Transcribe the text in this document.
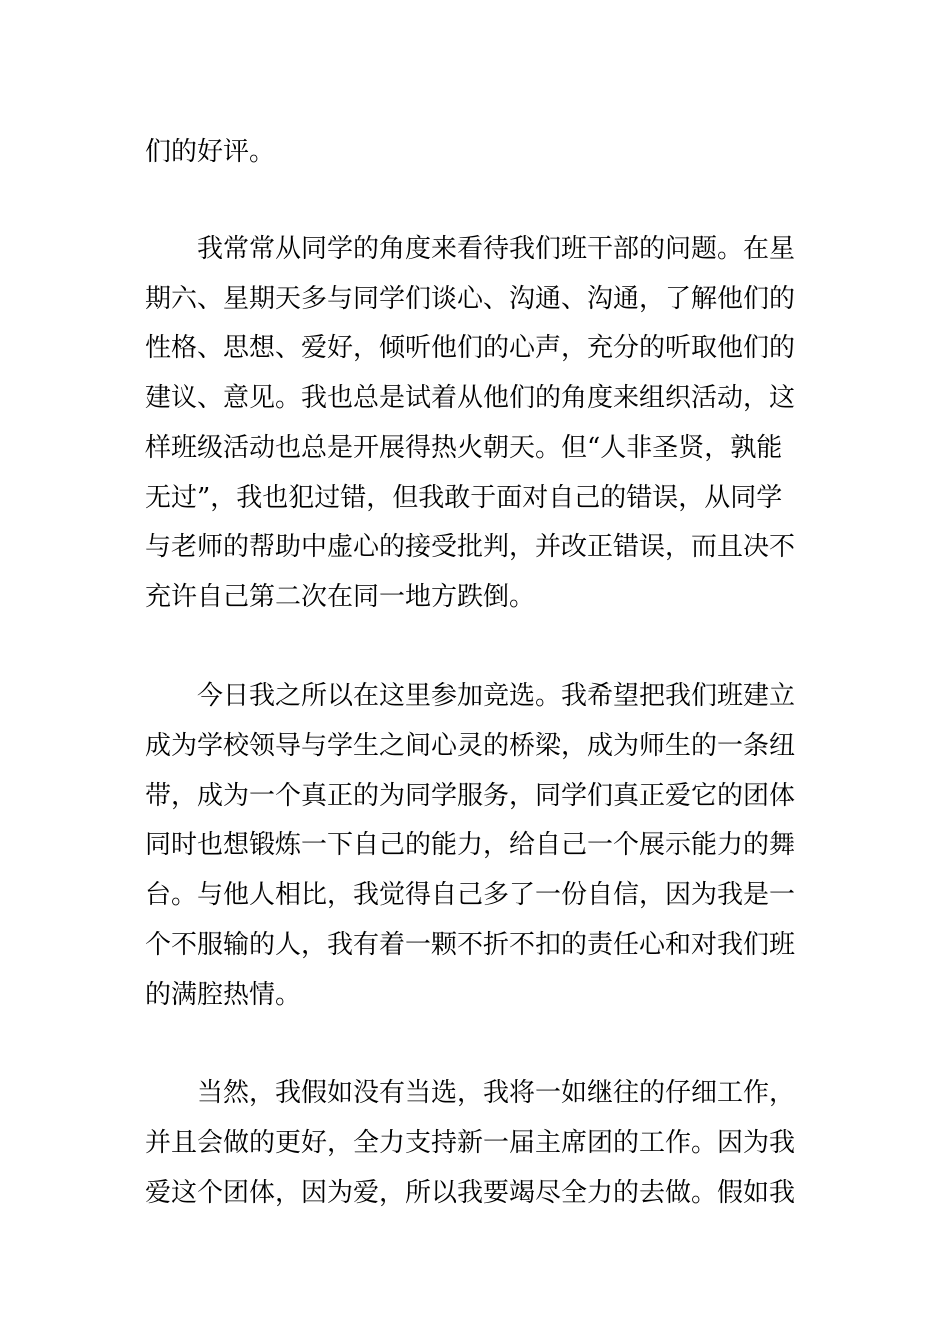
们的好评。
我常常从同学的角度来看待我们班干部的问题。在星
期六、星期天多与同学们谈心、沟通、沟通，了解他们的
性格、思想、爱好，倾听他们的心声，充分的听取他们的
建议、意见。我也总是试着从他们的角度来组织活动，这
样班级活动也总是开展得热火朝天。但“人非圣贤，孰能
无过”，我也犯过错，但我敢于面对自己的错误，从同学
与老师的帮助中虚心的接受批判，并改正错误，而且决不
充许自己第二次在同一地方跌倒。
今日我之所以在这里参加竞选。我希望把我们班建立
成为学校领导与学生之间心灵的桥梁，成为师生的一条纽
带，成为一个真正的为同学服务，同学们真正爱它的团体
同时也想锻炼一下自己的能力，给自己一个展示能力的舞
台。与他人相比，我觉得自己多了一份自信，因为我是一
个不服输的人，我有着一颗不折不扣的责任心和对我们班
的满腔热情。
当然，我假如没有当选，我将一如继往的仔细工作，
并且会做的更好，全力支持新一届主席团的工作。因为我
爱这个团体，因为爱，所以我要竭尽全力的去做。假如我
